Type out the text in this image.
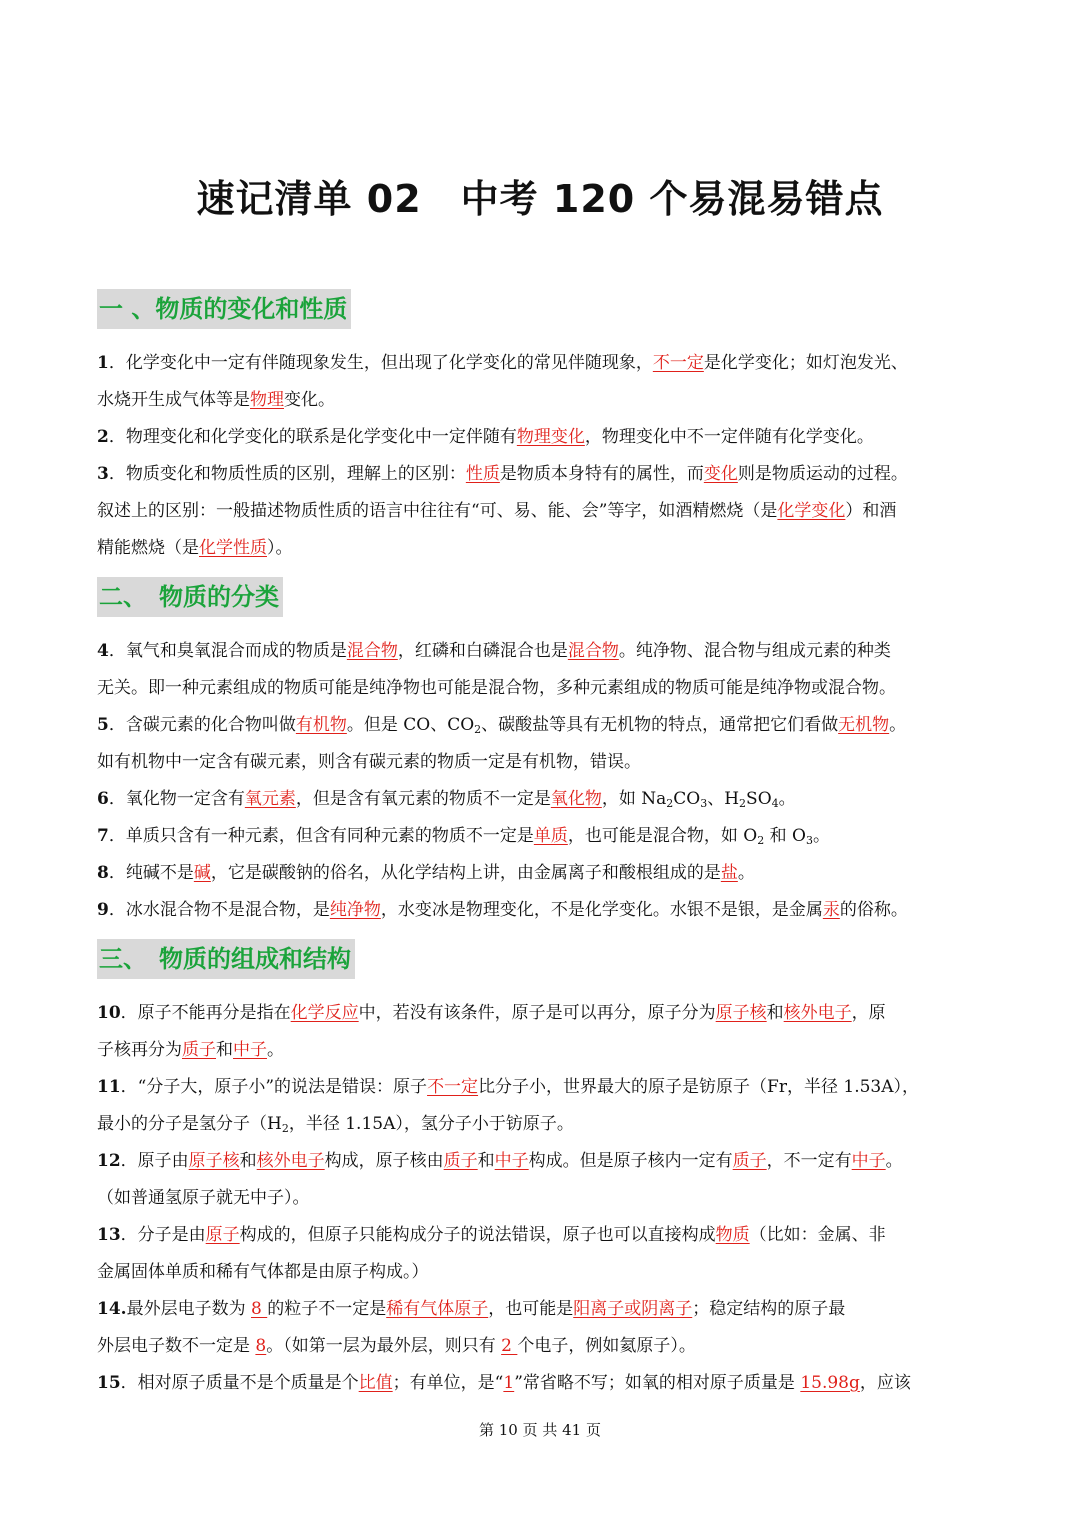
速记清单 02　中考 120 个易混易错点
一 、物质的变化和性质
二、　物质的分类
三、　物质的组成和结构
1．化学变化中一定有伴随现象发生，但出现了化学变化的常见伴随现象，不一定是化学变化；如灯泡发光、
水烧开生成气体等是物理变化。
2．物理变化和化学变化的联系是化学变化中一定伴随有物理变化，物理变化中不一定伴随有化学变化。
3．物质变化和物质性质的区别，理解上的区别：性质是物质本身特有的属性，而变化则是物质运动的过程。
叙述上的区别：一般描述物质性质的语言中往往有“可、易、能、会”等字，如酒精燃烧（是化学变化）和酒
精能燃烧（是化学性质）。
4．氧气和臭氧混合而成的物质是混合物，红磷和白磷混合也是混合物。纯净物、混合物与组成元素的种类
无关。即一种元素组成的物质可能是纯净物也可能是混合物，多种元素组成的物质可能是纯净物或混合物。
5．含碳元素的化合物叫做有机物。但是 CO、$CO_2$、碳酸盐等具有无机物的特点，通常把它们看做无机物。
如有机物中一定含有碳元素，则含有碳元素的物质一定是有机物，错误。
6．氧化物一定含有氧元素，但是含有氧元素的物质不一定是氧化物，如 $Na_2CO_3$、$H_2SO_4$。
7．单质只含有一种元素，但含有同种元素的物质不一定是单质，也可能是混合物，如 $O_2$ 和 $O_3$。
8．纯碱不是碱，它是碳酸钠的俗名，从化学结构上讲，由金属离子和酸根组成的是盐。
9．冰水混合物不是混合物，是纯净物，水变冰是物理变化，不是化学变化。水银不是银，是金属汞的俗称。
10．原子不能再分是指在化学反应中，若没有该条件，原子是可以再分，原子分为原子核和核外电子，原
子核再分为质子和中子。
11．“分子大，原子小”的说法是错误：原子不一定比分子小，世界最大的原子是钫原子（Fr，半径 1.53A），
最小的分子是氢分子（$H_2$，半径 1.15A），氢分子小于钫原子。
12．原子由原子核和核外电子构成，原子核由质子和中子构成。但是原子核内一定有质子，不一定有中子。
（如普通氢原子就无中子）。
13．分子是由原子构成的，但原子只能构成分子的说法错误，原子也可以直接构成物质（比如：金属、非
金属固体单质和稀有气体都是由原子构成。）
14.最外层电子数为 8 的粒子不一定是稀有气体原子，也可能是阳离子或阴离子；稳定结构的原子最
外层电子数不一定是 8。（如第一层为最外层，则只有 2 个电子，例如氦原子）。
15．相对原子质量不是个质量是个比值；有单位，是“1”常省略不写；如氧的相对原子质量是 15.98g，应该
第 10 页 共 41 页
